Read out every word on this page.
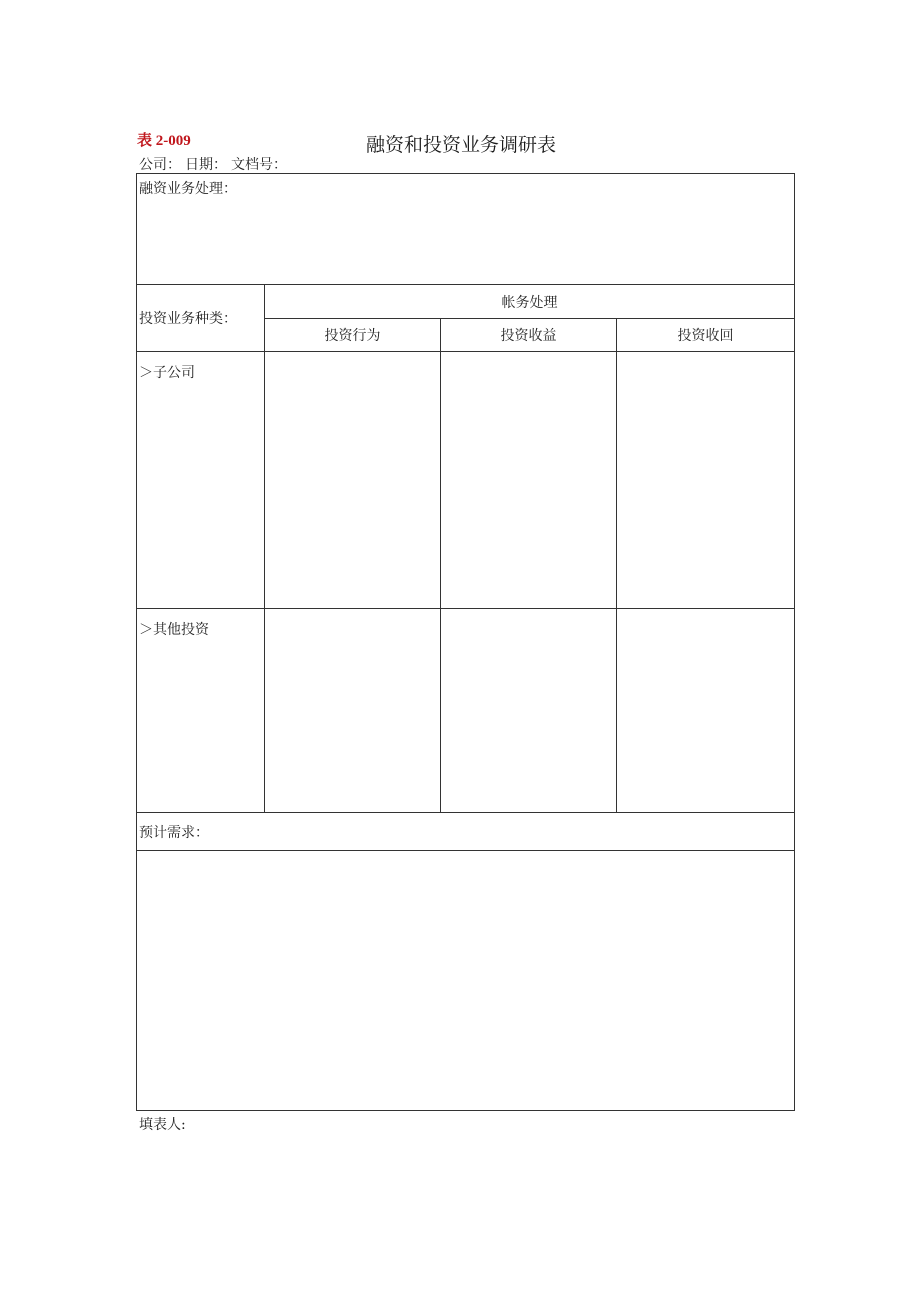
表 2-009	融资和投资业务调研表
公司： 日期： 文档号：
融资业务处理：			
投资业务种类：	帐务处理		
	投资行为	投资收益	投资收回
＞子公司			
＞其他投资			
预计需求：			

填表人:
